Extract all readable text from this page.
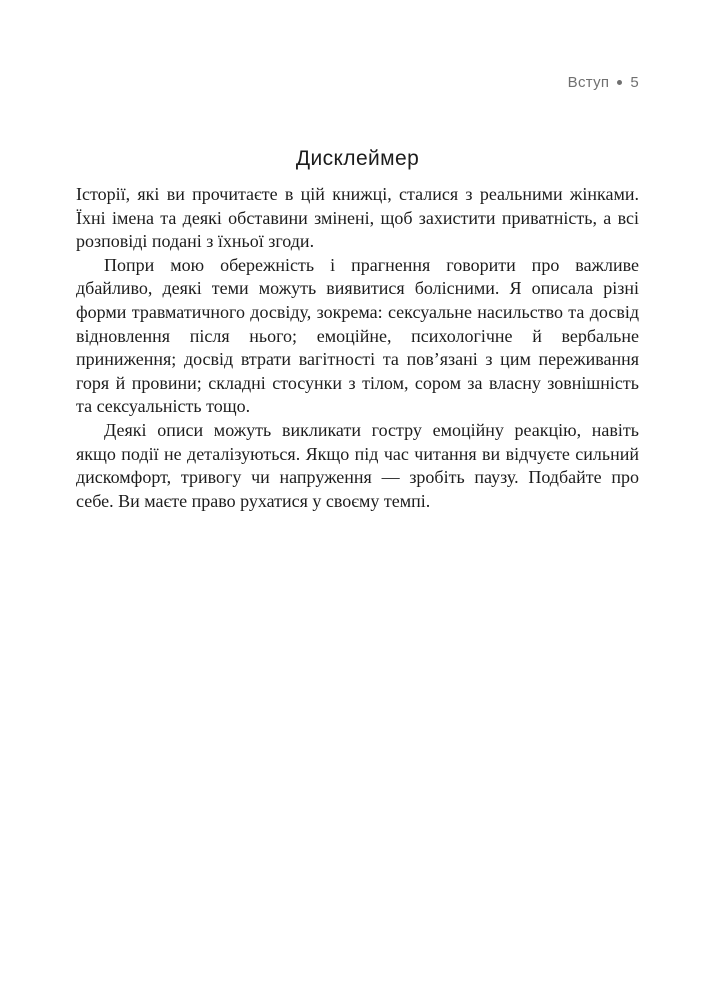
Вступ 5
Дисклеймер

Історії, які ви прочитаєте в цій книжці, сталися з реальними жінками. Їхні імена та деякі обставини змінені, щоб захистити приватність, а всі розповіді подані з їхньої згоди.

Попри мою обережність і прагнення говорити про важливе дбайливо, деякі теми можуть виявитися болісними. Я описала різні форми травматичного досвіду, зокрема: сексуальне насильство та досвід відновлення після нього; емоційне, психологічне й вербальне приниження; досвід втрати вагітності та пов’язані з цим переживання горя й провини; складні стосунки з тілом, сором за власну зовнішність та сексуальність тощо.

Деякі описи можуть викликати гостру емоційну реакцію, навіть якщо події не деталізуються. Якщо під час читання ви відчуєте сильний дискомфорт, тривогу чи напруження — зробіть паузу. Подбайте про себе. Ви маєте право рухатися у своєму темпі.
